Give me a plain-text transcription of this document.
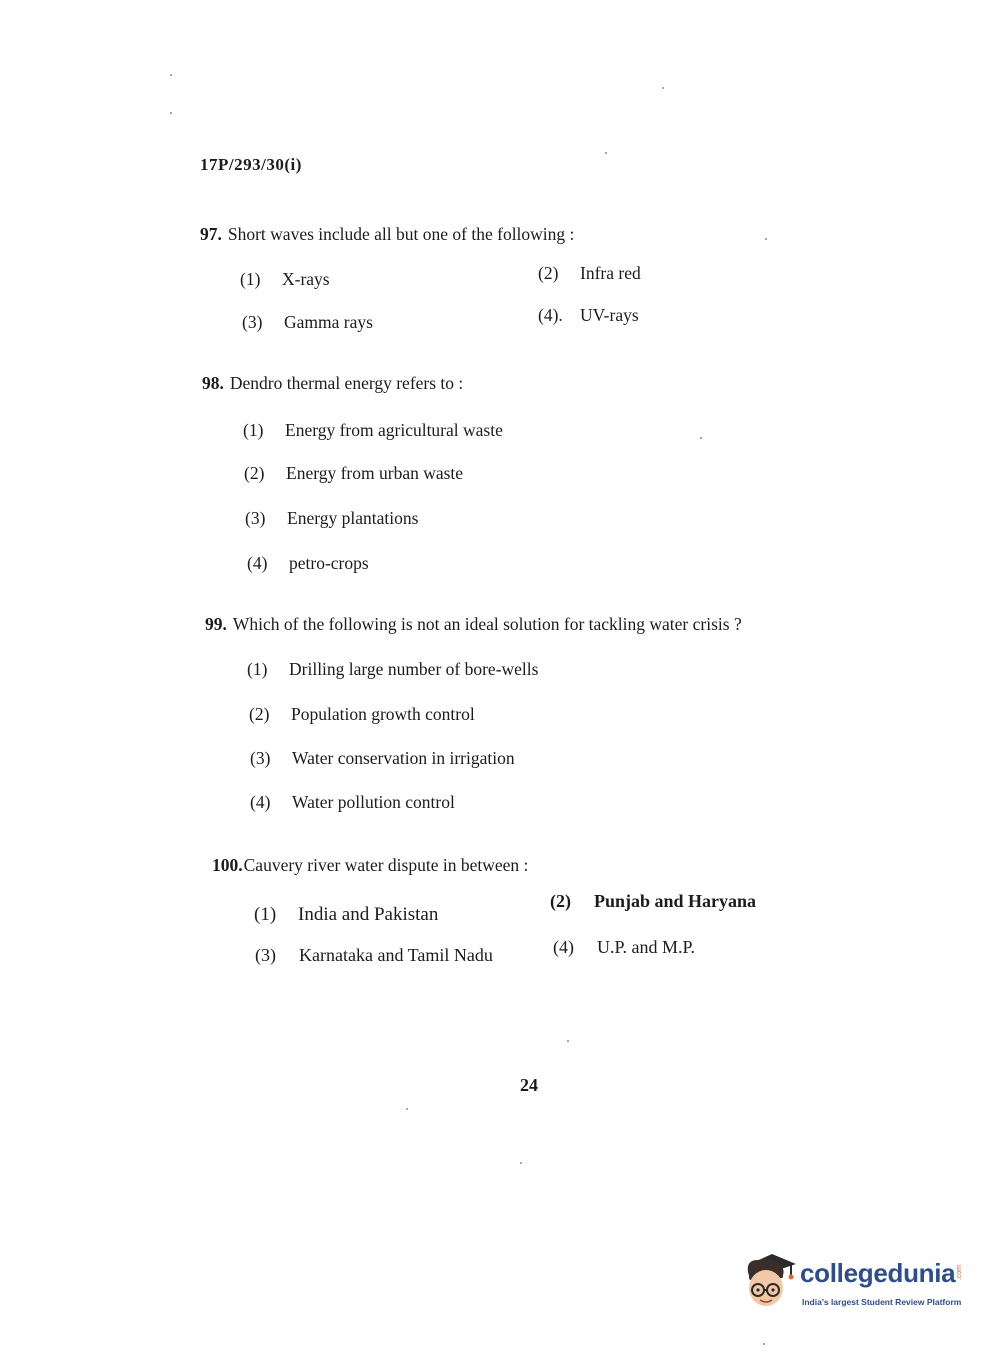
17P/293/30(i)
97. Short waves include all but one of the following :
(1) X-rays	(2) Infra red
(3) Gamma rays	(4). UV-rays
98. Dendro thermal energy refers to :
(1) Energy from agricultural waste
(2) Energy from urban waste
(3) Energy plantations
(4) petro-crops
99. Which of the following is not an ideal solution for tackling water crisis ?
(1) Drilling large number of bore-wells
(2) Population growth control
(3) Water conservation in irrigation
(4) Water pollution control
100.Cauvery river water dispute in between :
(1) India and Pakistan
(2) Punjab and Haryana
(3) Karnataka and Tamil Nadu	(4) U.P. and M.P.
24
collegedunia .com
India's largest Student Review Platform
